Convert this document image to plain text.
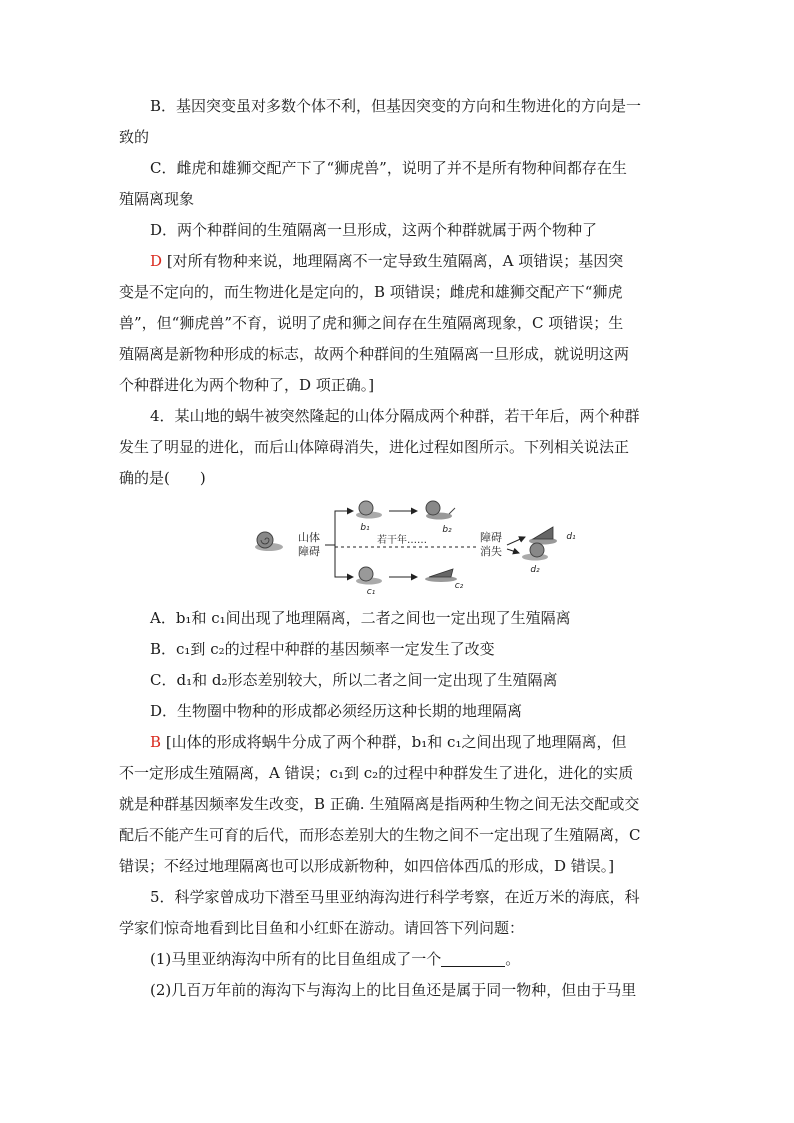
B．基因突变虽对多数个体不利，但基因突变的方向和生物进化的方向是一
致的
C．雌虎和雄狮交配产下了“狮虎兽”，说明了并不是所有物种间都存在生
殖隔离现象
D．两个种群间的生殖隔离一旦形成，这两个种群就属于两个物种了
D [对所有物种来说，地理隔离不一定导致生殖隔离，A 项错误；基因突
变是不定向的，而生物进化是定向的，B 项错误；雌虎和雄狮交配产下“狮虎
兽”，但“狮虎兽”不育，说明了虎和狮之间存在生殖隔离现象，C 项错误；生
殖隔离是新物种形成的标志，故两个种群间的生殖隔离一旦形成，就说明这两
个种群进化为两个物种了，D 项正确。]
4．某山地的蜗牛被突然隆起的山体分隔成两个种群，若干年后，两个种群
发生了明显的进化，而后山体障碍消失，进化过程如图所示。下列相关说法正
确的是(　　)
山体
障碍
b₁	b₂
若干年……
c₁
c₂
障碍
消失
d₁
d₂
A．b₁和 c₁间出现了地理隔离，二者之间也一定出现了生殖隔离
B．c₁到 c₂的过程中种群的基因频率一定发生了改变
C．d₁和 d₂形态差别较大，所以二者之间一定出现了生殖隔离
D．生物圈中物种的形成都必须经历这种长期的地理隔离
B [山体的形成将蜗牛分成了两个种群，b₁和 c₁之间出现了地理隔离，但
不一定形成生殖隔离，A 错误；c₁到 c₂的过程中种群发生了进化，进化的实质
就是种群基因频率发生改变，B 正确. 生殖隔离是指两种生物之间无法交配或交
配后不能产生可育的后代，而形态差别大的生物之间不一定出现了生殖隔离，C
错误；不经过地理隔离也可以形成新物种，如四倍体西瓜的形成，D 错误。]
5．科学家曾成功下潜至马里亚纳海沟进行科学考察，在近万米的海底，科
学家们惊奇地看到比目鱼和小红虾在游动。请回答下列问题：
(1)马里亚纳海沟中所有的比目鱼组成了一个	。
(2)几百万年前的海沟下与海沟上的比目鱼还是属于同一物种，但由于马里
